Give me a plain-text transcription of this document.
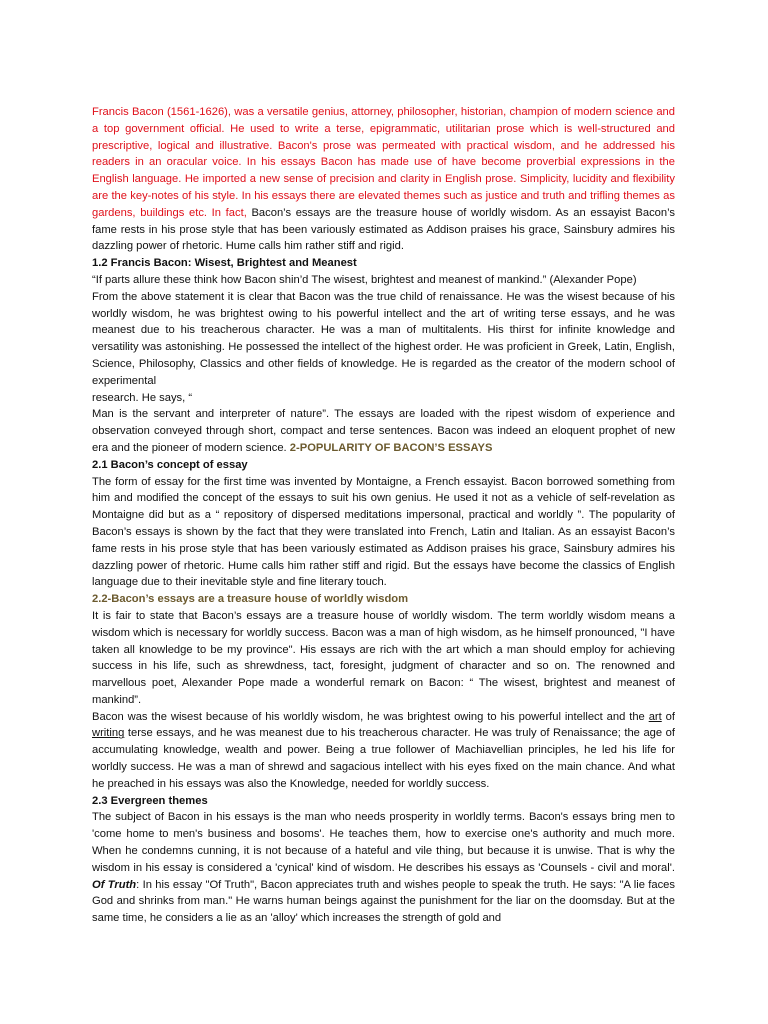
Francis Bacon (1561-1626), was a versatile genius, attorney, philosopher, historian, champion of modern science and a top government official. He used to write a terse, epigrammatic, utilitarian prose which is well-structured and prescriptive, logical and illustrative. Bacon's prose was permeated with practical wisdom, and he addressed his readers in an oracular voice. In his essays Bacon has made use of have become proverbial expressions in the English language. He imported a new sense of precision and clarity in English prose. Simplicity, lucidity and flexibility are the key-notes of his style. In his essays there are elevated themes such as justice and truth and trifling themes as gardens, buildings etc. In fact, Bacon’s essays are the treasure house of worldly wisdom. As an essayist Bacon’s fame rests in his prose style that has been variously estimated as Addison praises his grace, Sainsbury admires his dazzling power of rhetoric. Hume calls him rather stiff and rigid.

1.2 Francis Bacon: Wisest, Brightest and Meanest

“If parts allure these think how Bacon shin’d The wisest, brightest and meanest of mankind.” (Alexander Pope)

From the above statement it is clear that Bacon was the true child of renaissance. He was the wisest because of his worldly wisdom, he was brightest owing to his powerful intellect and the art of writing terse essays, and he was meanest due to his treacherous character. He was a man of multitalents. His thirst for infinite knowledge and versatility was astonishing. He possessed the intellect of the highest order. He was proficient in Greek, Latin, English, Science, Philosophy, Classics and other fields of knowledge. He is regarded as the creator of the modern school of experimental

research. He says, “

Man is the servant and interpreter of nature”. The essays are loaded with the ripest wisdom of experience and observation conveyed through short, compact and terse sentences. Bacon was indeed an eloquent prophet of new era and the pioneer of modern science. 2-POPULARITY OF BACON’S ESSAYS

2.1 Bacon’s concept of essay

The form of essay for the first time was invented by Montaigne, a French essayist. Bacon borrowed something from him and modified the concept of the essays to suit his own genius. He used it not as a vehicle of self-revelation as Montaigne did but as a “ repository of dispersed meditations impersonal, practical and worldly ”. The popularity of Bacon’s essays is shown by the fact that they were translated into French, Latin and Italian. As an essayist Bacon’s fame rests in his prose style that has been variously estimated as Addison praises his grace, Sainsbury admires his dazzling power of rhetoric. Hume calls him rather stiff and rigid. But the essays have become the classics of English language due to their inevitable style and fine literary touch.

2.2-Bacon’s essays are a treasure house of worldly wisdom

It is fair to state that Bacon’s essays are a treasure house of worldly wisdom. The term worldly wisdom means a wisdom which is necessary for worldly success. Bacon was a man of high wisdom, as he himself pronounced, "I have taken all knowledge to be my province". His essays are rich with the art which a man should employ for achieving success in his life, such as shrewdness, tact, foresight, judgment of character and so on. The renowned and marvellous poet, Alexander Pope made a wonderful remark on Bacon: “ The wisest, brightest and meanest of mankind”.

Bacon was the wisest because of his worldly wisdom, he was brightest owing to his powerful intellect and the art of writing terse essays, and he was meanest due to his treacherous character. He was truly of Renaissance; the age of accumulating knowledge, wealth and power. Being a true follower of Machiavellian principles, he led his life for worldly success. He was a man of shrewd and sagacious intellect with his eyes fixed on the main chance. And what he preached in his essays was also the Knowledge, needed for worldly success.

2.3 Evergreen themes

The subject of Bacon in his essays is the man who needs prosperity in worldly terms. Bacon's essays bring men to 'come home to men's business and bosoms'. He teaches them, how to exercise one's authority and much more. When he condemns cunning, it is not because of a hateful and vile thing, but because it is unwise. That is why the wisdom in his essay is considered a 'cynical' kind of wisdom. He describes his essays as 'Counsels - civil and moral'. Of Truth: In his essay "Of Truth", Bacon appreciates truth and wishes people to speak the truth. He says: "A lie faces God and shrinks from man." He warns human beings against the punishment for the liar on the doomsday. But at the same time, he considers a lie as an 'alloy' which increases the strength of gold and
